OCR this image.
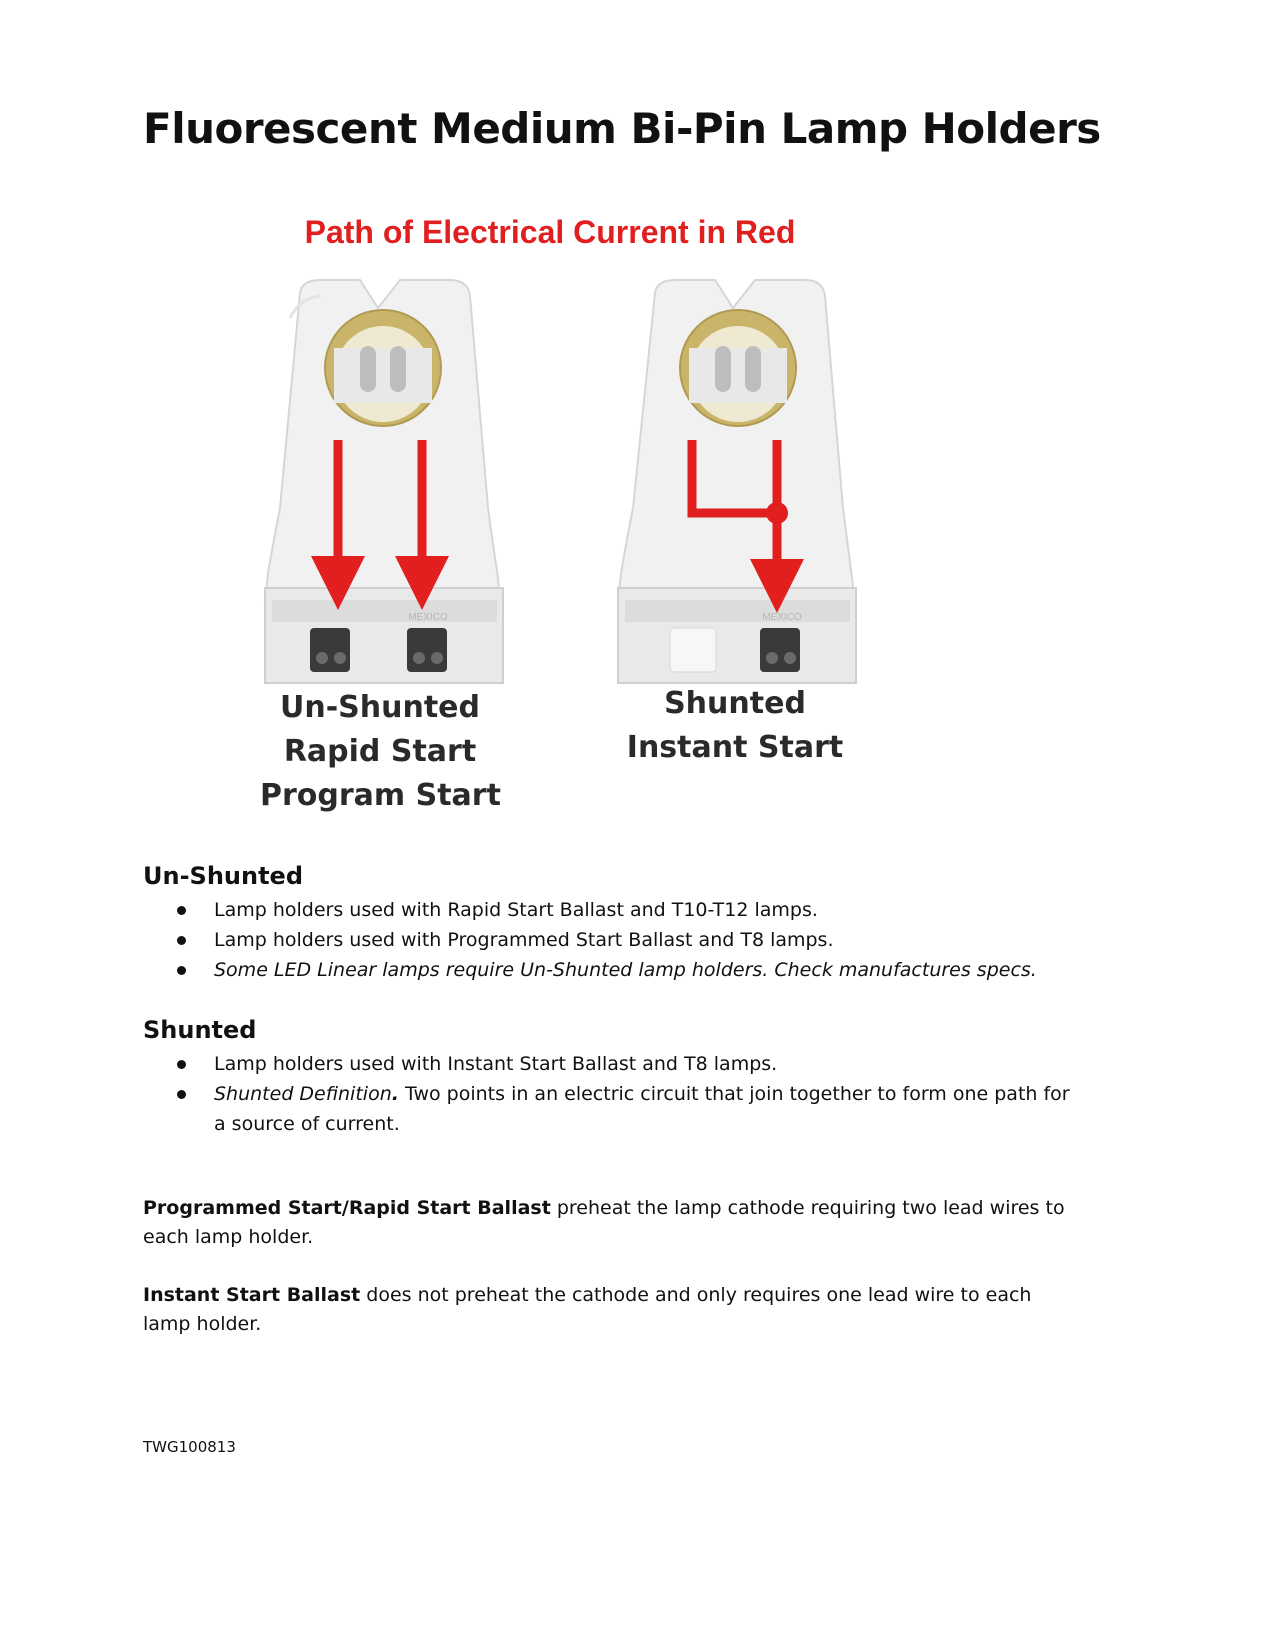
Fluorescent Medium Bi-Pin Lamp Holders
MEXICO	MEXICO
Path of Electrical Current in Red
Un-Shunted
Rapid Start
Program Start
Shunted
Instant Start
Un-Shunted
Lamp holders used with Rapid Start Ballast and T10-T12 lamps.
Lamp holders used with Programmed Start Ballast and T8 lamps.
Some LED Linear lamps require Un-Shunted lamp holders. Check manufactures specs.
Shunted
Lamp holders used with Instant Start Ballast and T8 lamps.
Shunted Definition. Two points in an electric circuit that join together to form one path for a source of current.

Programmed Start/Rapid Start Ballast preheat the lamp cathode requiring two lead wires to each lamp holder.

Instant Start Ballast does not preheat the cathode and only requires one lead wire to each lamp holder.

TWG100813
